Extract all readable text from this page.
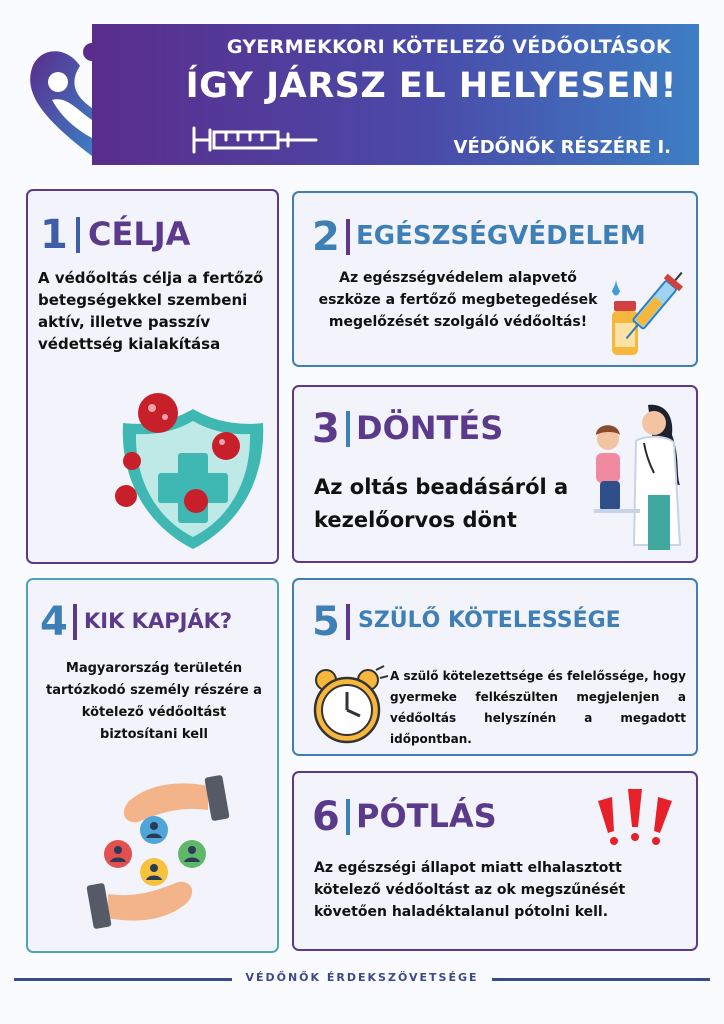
GYERMEKKORI KÖTELEZŐ VÉDŐOLTÁSOK
ÍGY JÁRSZ EL HELYESEN!
VÉDŐNŐK RÉSZÉRE I.
1 CÉLJA
A védőoltás célja a fertőző betegségekkel szembeni aktív, illetve passzív védettség kialakítása
2 EGÉSZSÉGVÉDELEM
Az egészségvédelem alapvető eszköze a fertőző megbetegedések megelőzését szolgáló védőoltás!
3 DÖNTÉS
Az oltás beadásáról a kezelőorvos dönt
4 KIK KAPJÁK?
Magyarország területén tartózkodó személy részére a kötelező védőoltást biztosítani kell
5 SZÜLŐ KÖTELESSÉGE
A szülő kötelezettsége és felelőssége, hogy gyermeke felkészülten megjelenjen a védőoltás helyszínén a megadott időpontban.
6 PÓTLÁS
Az egészségi állapot miatt elhalasztott kötelező védőoltást az ok megszűnését követően haladéktalanul pótolni kell.
VÉDŐNŐK ÉRDEKSZÖVETSÉGE
